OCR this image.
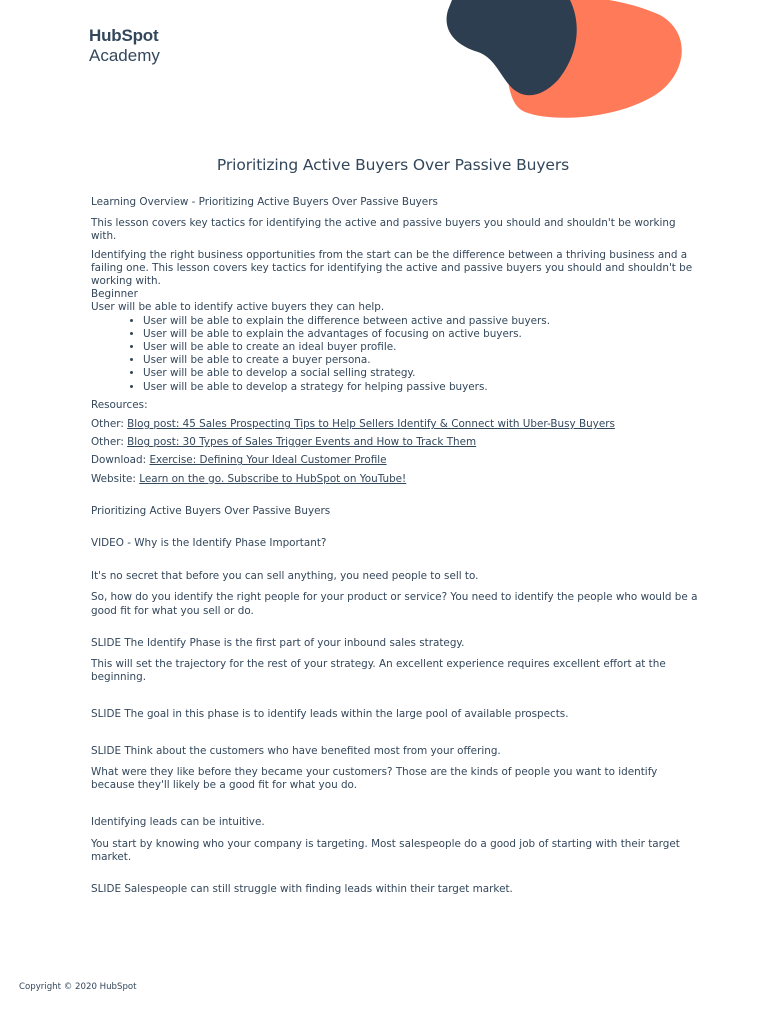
HubSpot
Academy
Prioritizing Active Buyers Over Passive Buyers

Learning Overview - Prioritizing Active Buyers Over Passive Buyers

This lesson covers key tactics for identifying the active and passive buyers you should and shouldn't be working with.

Identifying the right business opportunities from the start can be the difference between a thriving business and a failing one. This lesson covers key tactics for identifying the active and passive buyers you should and shouldn't be working with.

Beginner

User will be able to identify active buyers they can help.

• User will be able to explain the difference between active and passive buyers.
• User will be able to explain the advantages of focusing on active buyers.
• User will be able to create an ideal buyer profile.
• User will be able to create a buyer persona.
• User will be able to develop a social selling strategy.
• User will be able to develop a strategy for helping passive buyers.

Resources:

Other: Blog post: 45 Sales Prospecting Tips to Help Sellers Identify & Connect with Uber-Busy Buyers

Other: Blog post: 30 Types of Sales Trigger Events and How to Track Them

Download: Exercise: Defining Your Ideal Customer Profile

Website: Learn on the go. Subscribe to HubSpot on YouTube!

Prioritizing Active Buyers Over Passive Buyers

VIDEO - Why is the Identify Phase Important?

It's no secret that before you can sell anything, you need people to sell to.

So, how do you identify the right people for your product or service? You need to identify the people who would be a good fit for what you sell or do.

SLIDE The Identify Phase is the first part of your inbound sales strategy.

This will set the trajectory for the rest of your strategy. An excellent experience requires excellent effort at the beginning.

SLIDE The goal in this phase is to identify leads within the large pool of available prospects.

SLIDE Think about the customers who have benefited most from your offering.

What were they like before they became your customers? Those are the kinds of people you want to identify because they'll likely be a good fit for what you do.

Identifying leads can be intuitive.

You start by knowing who your company is targeting. Most salespeople do a good job of starting with their target market.

SLIDE Salespeople can still struggle with finding leads within their target market.

Copyright © 2020 HubSpot
